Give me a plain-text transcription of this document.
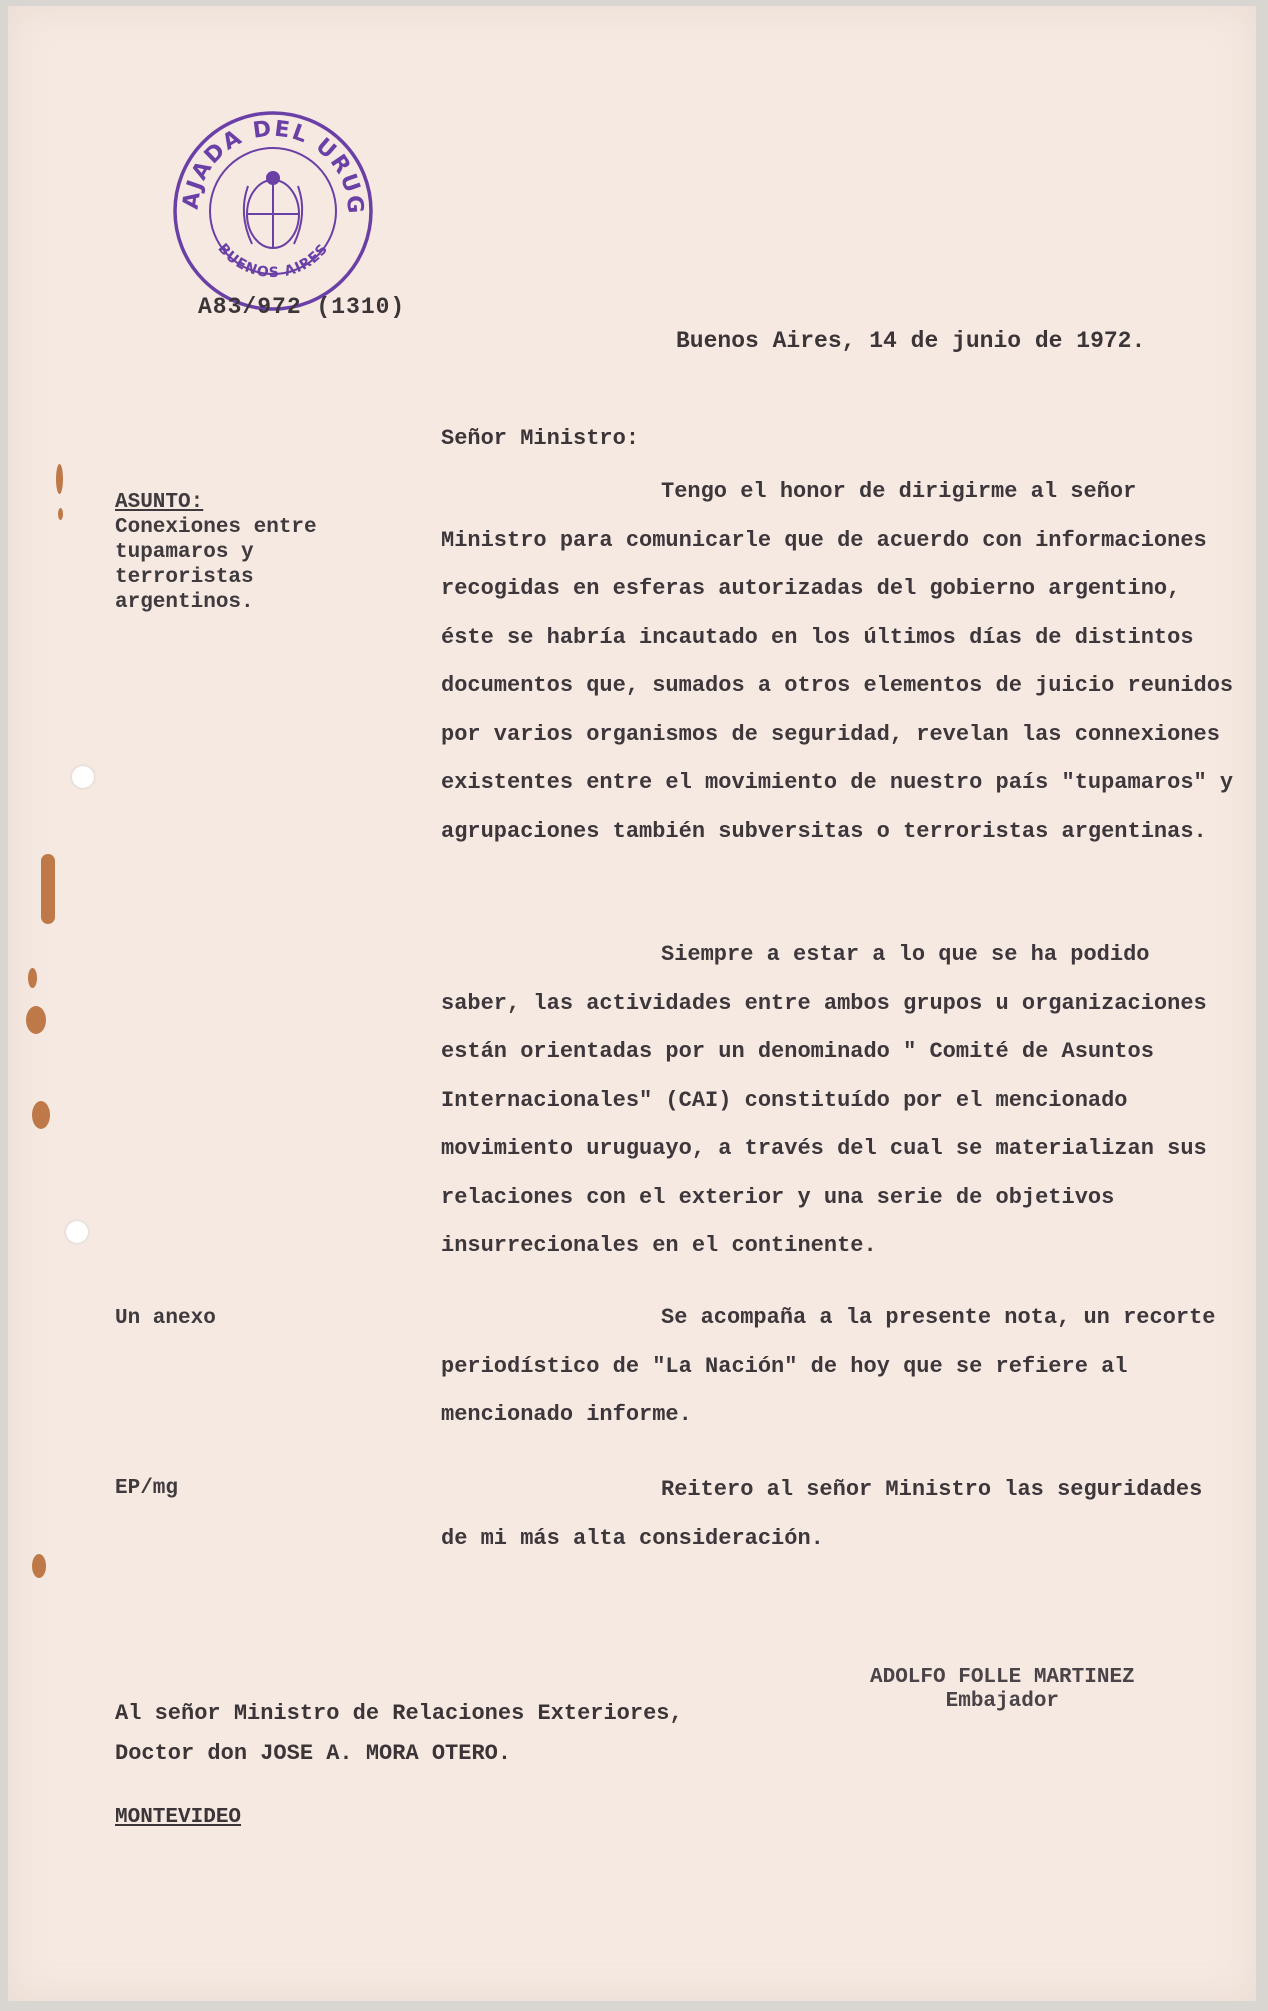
AJADA DEL URUG
BUENOS AIRES
A83/972 (1310)
Buenos Aires, 14 de junio de 1972.
Señor Ministro:
ASUNTO:
Conexiones entre
tupamaros y
terroristas
argentinos.

Tengo el honor de dirigirme al señor Ministro para comunicarle que de acuerdo con informaciones recogidas en esferas autorizadas del gobierno argentino, éste se habría incautado en los últimos días de distintos documentos que, sumados a otros elementos de juicio reunidos por varios organismos de seguridad, revelan las connexiones existentes entre el movimiento de nuestro país "tupamaros" y agrupaciones también subversitas o terroristas argentinas.

Siempre a estar a lo que se ha podido saber, las actividades entre ambos grupos u organizaciones están orientadas por un denominado " Comité de Asuntos Internacionales" (CAI) constituído por el mencionado movimiento uruguayo, a través del cual se materializan sus relaciones con el exterior y una serie de objetivos insurrecionales en el continente.

Se acompaña a la presente nota, un recorte periodístico de "La Nación" de hoy que se refiere al mencionado informe.

Reitero al señor Ministro las seguridades de mi más alta consideración.

Un anexo
EP/mg
ADOLFO FOLLE MARTINEZ
Embajador
Al señor Ministro de Relaciones Exteriores,
Doctor don JOSE A. MORA OTERO.
MONTEVIDEO
